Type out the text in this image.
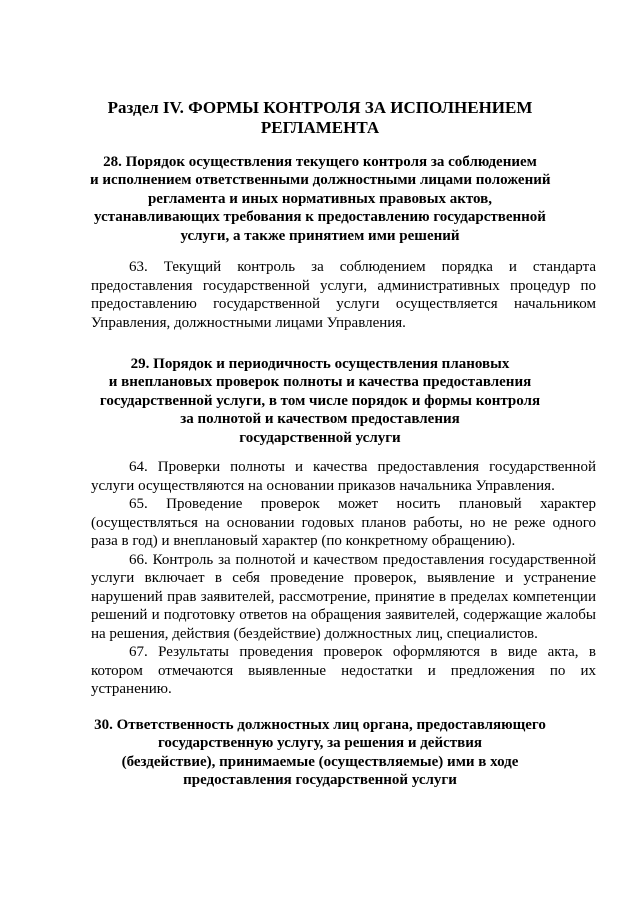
Раздел IV. ФОРМЫ КОНТРОЛЯ ЗА ИСПОЛНЕНИЕМ
РЕГЛАМЕНТА
28. Порядок осуществления текущего контроля за соблюдением
и исполнением ответственными должностными лицами положений
регламента и иных нормативных правовых актов,
устанавливающих требования к предоставлению государственной
услуги, а также принятием ими решений

63. Текущий контроль за соблюдением порядка и стандарта предоставления государственной услуги, административных процедур по предоставлению государственной услуги осуществляется начальником Управления, должностными лицами Управления.

29. Порядок и периодичность осуществления плановых
и внеплановых проверок полноты и качества предоставления
государственной услуги, в том числе порядок и формы контроля
за полнотой и качеством предоставления
государственной услуги

64. Проверки полноты и качества предоставления государственной услуги осуществляются на основании приказов начальника Управления.

65. Проведение проверок может носить плановый характер (осуществляться на основании годовых планов работы, но не реже одного раза в год) и внеплановый характер (по конкретному обращению).

66. Контроль за полнотой и качеством предоставления государственной услуги включает в себя проведение проверок, выявление и устранение нарушений прав заявителей, рассмотрение, принятие в пределах компетенции решений и подготовку ответов на обращения заявителей, содержащие жалобы на решения, действия (бездействие) должностных лиц, специалистов.

67. Результаты проведения проверок оформляются в виде акта, в котором отмечаются выявленные недостатки и предложения по их устранению.

30. Ответственность должностных лиц органа, предоставляющего
государственную услугу, за решения и действия
(бездействие), принимаемые (осуществляемые) ими в ходе
предоставления государственной услуги
